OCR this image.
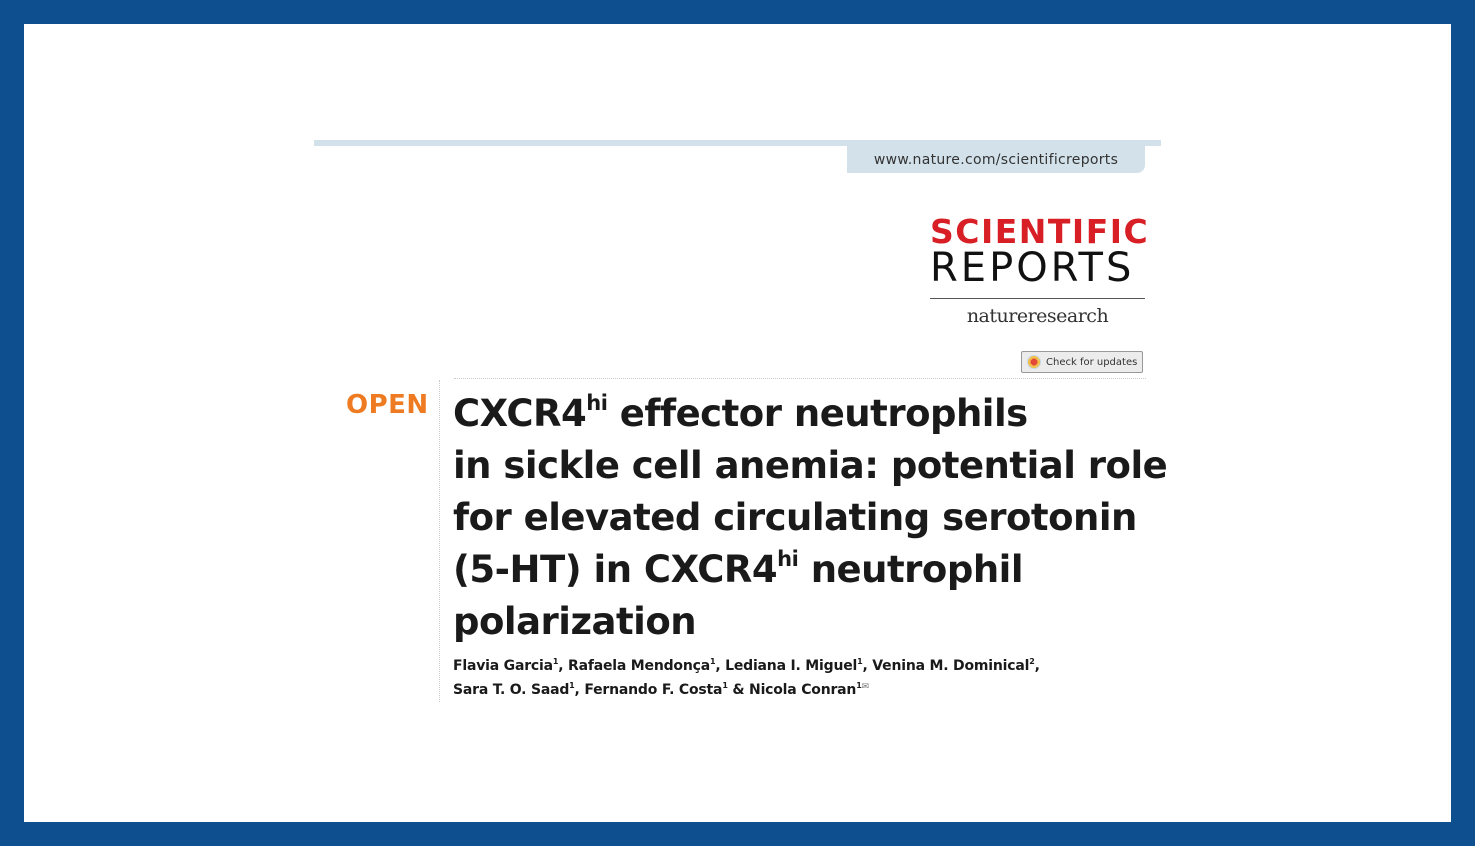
www.nature.com/scientificreports
SCIENTIFIC
REPORTS
natureresearch
Check for updates
OPEN $CXCR4^{hi}$ effector neutrophils
in sickle cell anemia: potential role
for elevated circulating serotonin
(5-HT) in $CXCR4^{hi}$ neutrophil
polarization
Flavia Garcia$^1$, Rafaela Mendonça$^1$, Lediana I. Miguel$^1$, Venina M. Dominical$^2$,
Sara T. O. Saad$^1$, Fernando F. Costa$^1$ & Nicola Conran$^{1✉}$
